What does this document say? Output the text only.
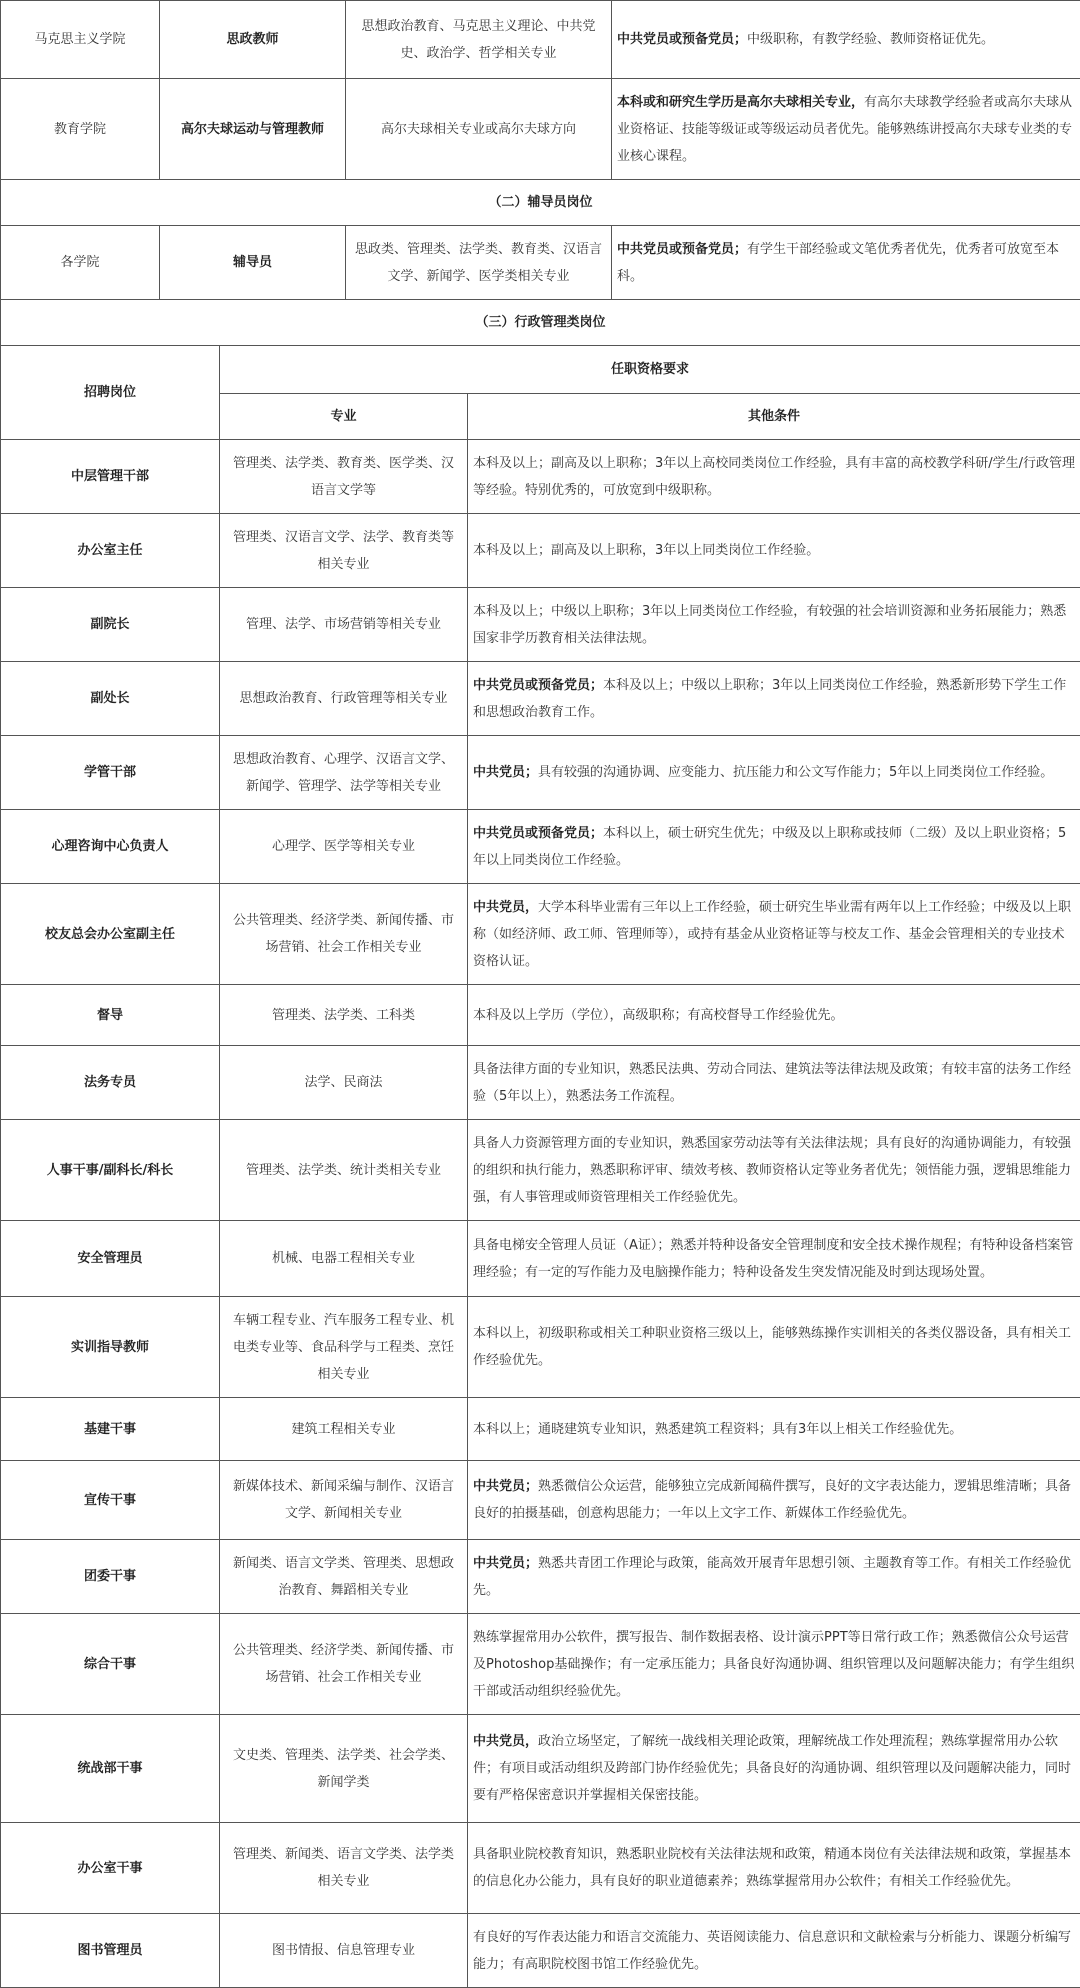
马克思主义学院	思政教师		思想政治教育、马克思主义理论、中共党史、政治学、哲学相关专业		中共党员或预备党员；中级职称，有教学经验、教师资格证优先。
教育学院	高尔夫球运动与管理教师		高尔夫球相关专业或高尔夫球方向		本科或和研究生学历是高尔夫球相关专业，有高尔夫球教学经验者或高尔夫球从业资格证、技能等级证或等级运动员者优先。能够熟练讲授高尔夫球专业类的专业核心课程。
（二）辅导员岗位					
各学院	辅导员		思政类、管理类、法学类、教育类、汉语言文学、新闻学、医学类相关专业		中共党员或预备党员；有学生干部经验或文笔优秀者优先，优秀者可放宽至本科。
（三）行政管理类岗位					
招聘岗位		任职资格要求			
		专业		其他条件	
中层管理干部		管理类、法学类、教育类、医学类、汉语言文学等		本科及以上；副高及以上职称；3年以上高校同类岗位工作经验，具有丰富的高校教学科研/学生/行政管理等经验。特别优秀的，可放宽到中级职称。	
办公室主任		管理类、汉语言文学、法学、教育类等相关专业		本科及以上；副高及以上职称，3年以上同类岗位工作经验。	
副院长		管理、法学、市场营销等相关专业		本科及以上；中级以上职称；3年以上同类岗位工作经验，有较强的社会培训资源和业务拓展能力；熟悉国家非学历教育相关法律法规。	
副处长		思想政治教育、行政管理等相关专业		中共党员或预备党员；本科及以上；中级以上职称；3年以上同类岗位工作经验，熟悉新形势下学生工作和思想政治教育工作。	
学管干部		思想政治教育、心理学、汉语言文学、新闻学、管理学、法学等相关专业		中共党员；具有较强的沟通协调、应变能力、抗压能力和公文写作能力；5年以上同类岗位工作经验。	
心理咨询中心负责人		心理学、医学等相关专业		中共党员或预备党员；本科以上，硕士研究生优先；中级及以上职称或技师（二级）及以上职业资格；5年以上同类岗位工作经验。	
校友总会办公室副主任		公共管理类、经济学类、新闻传播、市场营销、社会工作相关专业		中共党员，大学本科毕业需有三年以上工作经验，硕士研究生毕业需有两年以上工作经验；中级及以上职称（如经济师、政工师、管理师等），或持有基金从业资格证等与校友工作、基金会管理相关的专业技术资格认证。	
督导		管理类、法学类、工科类		本科及以上学历（学位），高级职称；有高校督导工作经验优先。	
法务专员		法学、民商法		具备法律方面的专业知识，熟悉民法典、劳动合同法、建筑法等法律法规及政策；有较丰富的法务工作经验（5年以上），熟悉法务工作流程。	
人事干事/副科长/科长		管理类、法学类、统计类相关专业		具备人力资源管理方面的专业知识，熟悉国家劳动法等有关法律法规；具有良好的沟通协调能力，有较强的组织和执行能力，熟悉职称评审、绩效考核、教师资格认定等业务者优先；领悟能力强，逻辑思维能力强，有人事管理或师资管理相关工作经验优先。	
安全管理员		机械、电器工程相关专业		具备电梯安全管理人员证（A证）；熟悉并特种设备安全管理制度和安全技术操作规程；有特种设备档案管理经验；有一定的写作能力及电脑操作能力；特种设备发生突发情况能及时到达现场处置。	
实训指导教师		车辆工程专业、汽车服务工程专业、机电类专业等、食品科学与工程类、烹饪相关专业		本科以上，初级职称或相关工种职业资格三级以上，能够熟练操作实训相关的各类仪器设备，具有相关工作经验优先。	
基建干事		建筑工程相关专业		本科以上；通晓建筑专业知识，熟悉建筑工程资料；具有3年以上相关工作经验优先。	
宣传干事		新媒体技术、新闻采编与制作、汉语言文学、新闻相关专业		中共党员；熟悉微信公众运营，能够独立完成新闻稿件撰写，良好的文字表达能力，逻辑思维清晰；具备良好的拍摄基础，创意构思能力；一年以上文字工作、新媒体工作经验优先。	
团委干事		新闻类、语言文学类、管理类、思想政治教育、舞蹈相关专业		中共党员；熟悉共青团工作理论与政策，能高效开展青年思想引领、主题教育等工作。有相关工作经验优先。	
综合干事		公共管理类、经济学类、新闻传播、市场营销、社会工作相关专业		熟练掌握常用办公软件，撰写报告、制作数据表格、设计演示PPT等日常行政工作；熟悉微信公众号运营及Photoshop基础操作；有一定承压能力；具备良好沟通协调、组织管理以及问题解决能力；有学生组织干部或活动组织经验优先。	
统战部干事		文史类、管理类、法学类、社会学类、新闻学类		中共党员，政治立场坚定，了解统一战线相关理论政策，理解统战工作处理流程；熟练掌握常用办公软件；有项目或活动组织及跨部门协作经验优先；具备良好的沟通协调、组织管理以及问题解决能力，同时要有严格保密意识并掌握相关保密技能。	
办公室干事		管理类、新闻类、语言文学类、法学类相关专业		具备职业院校教育知识，熟悉职业院校有关法律法规和政策，精通本岗位有关法律法规和政策，掌握基本的信息化办公能力，具有良好的职业道德素养；熟练掌握常用办公软件；有相关工作经验优先。	
图书管理员		图书情报、信息管理专业		有良好的写作表达能力和语言交流能力、英语阅读能力、信息意识和文献检索与分析能力、课题分析编写能力；有高职院校图书馆工作经验优先。	
